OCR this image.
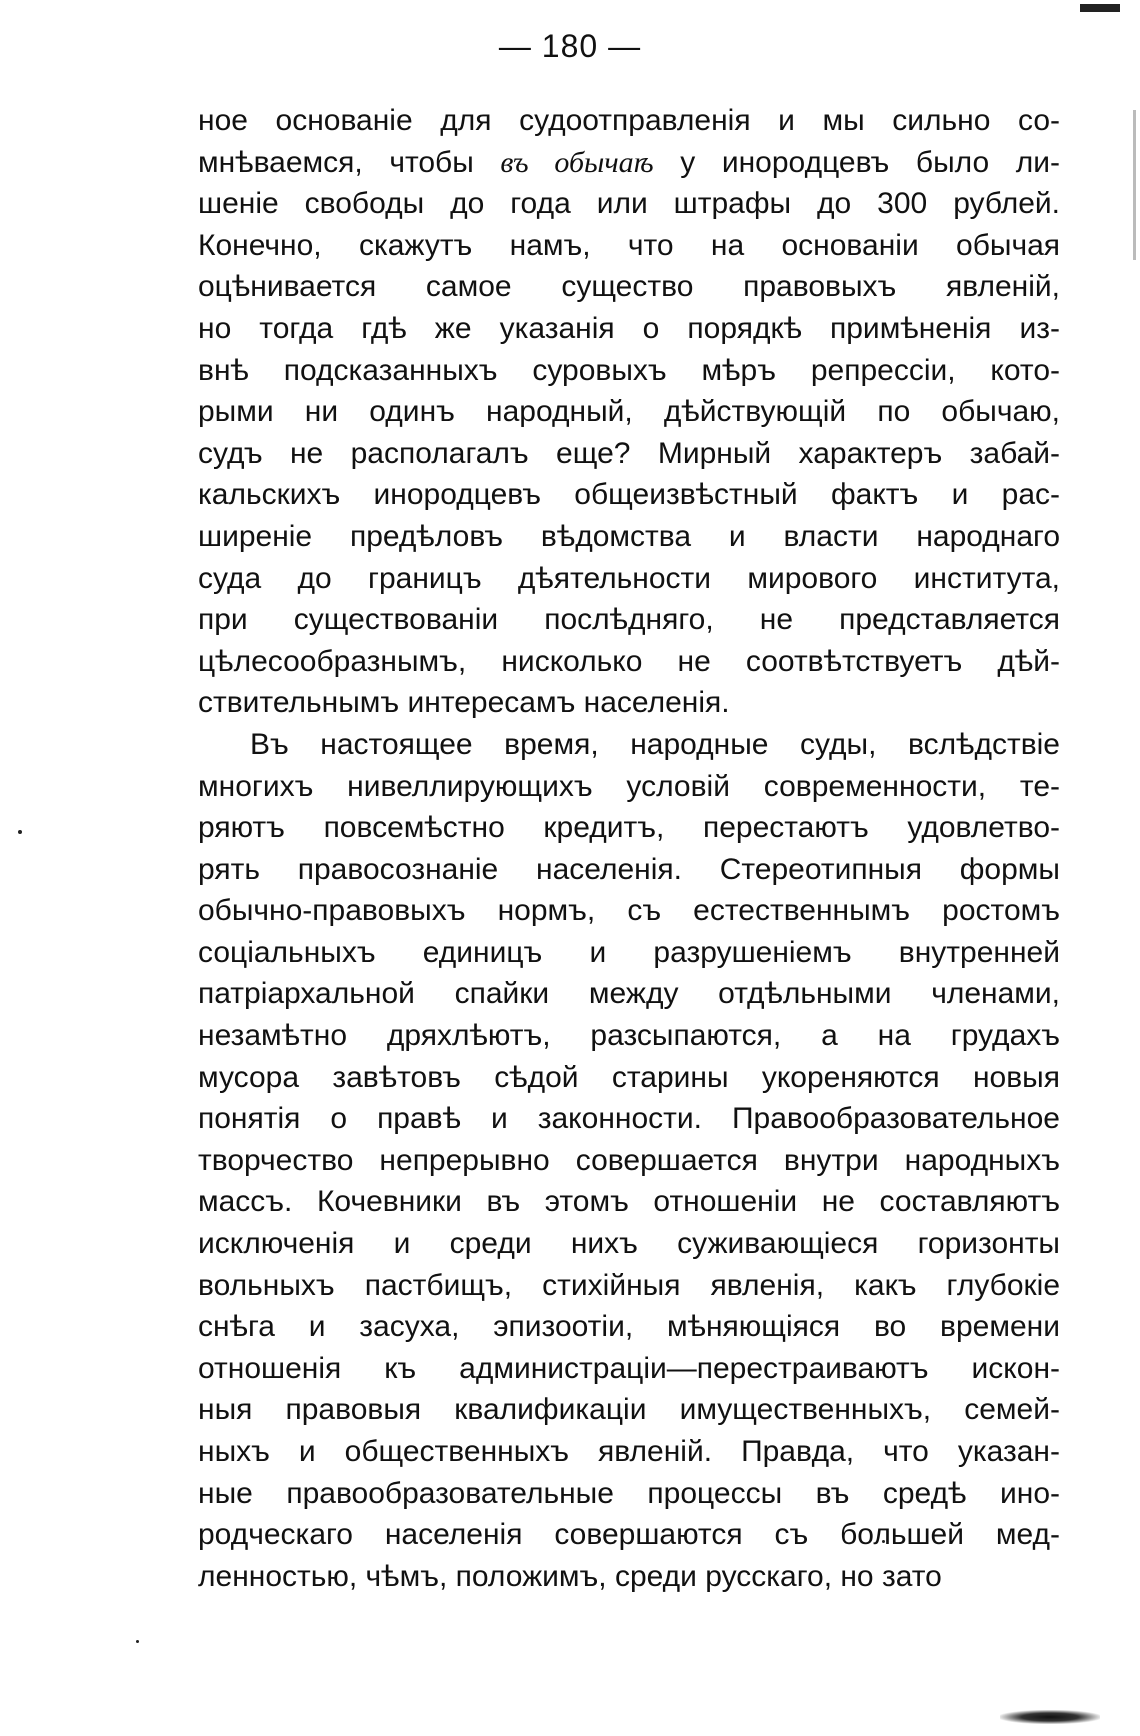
— 180 —
ное основанiе для судоотправленiя и мы сильно со-
мнѣваемся, чтобы въ обычаѣ у инородцевъ было ли-
шенiе свободы до года или штрафы до 300 рублей.
Конечно, скажутъ намъ, что на основанiи обычая
оцѣнивается самое существо правовыхъ явленiй,
но тогда гдѣ же указанiя о порядкѣ примѣненiя из-
внѣ подсказанныхъ суровыхъ мѣръ репрессiи, кото-
рыми ни одинъ народный, дѣйствующiй по обычаю,
судъ не располагалъ еще? Мирный характеръ забай-
кальскихъ инородцевъ общеизвѣстный фактъ и рас-
ширенiе предѣловъ вѣдомства и власти народнаго
суда до границъ дѣятельности мирового института,
при существованiи послѣдняго, не представляется
цѣлесообразнымъ, нисколько не соотвѣтствуетъ дѣй-
ствительнымъ интересамъ населенiя.
Въ настоящее время, народные суды, вслѣдствiе
многихъ нивеллирующихъ условiй современности, те-
ряютъ повсемѣстно кредитъ, перестаютъ удовлетво-
рять правосознанiе населенiя. Стереотипныя формы
обычно-правовыхъ нормъ, съ естественнымъ ростомъ
соцiальныхъ единицъ и разрушенiемъ внутренней
патрiархальной спайки между отдѣльными членами,
незамѣтно дряхлѣютъ, разсыпаются, а на грудахъ
мусора завѣтовъ сѣдой старины укореняются новыя
понятiя о правѣ и законности. Правообразовательное
творчество непрерывно совершается внутри народныхъ
массъ. Кочевники въ этомъ отношенiи не составляютъ
исключенiя и среди нихъ суживающiеся горизонты
вольныхъ пастбищъ, стихiйныя явленiя, какъ глубокiе
снѣга и засуха, эпизоотiи, мѣняющiяся во времени
отношенiя къ администрацiи—перестраиваютъ искон-
ныя правовыя квалификацiи имущественныхъ, семей-
ныхъ и общественныхъ явленiй. Правда, что указан-
ные правообразовательные процессы въ средѣ ино-
родческаго населенiя совершаются съ большей мед-
ленностью, чѣмъ, положимъ, среди русскаго, но зато
